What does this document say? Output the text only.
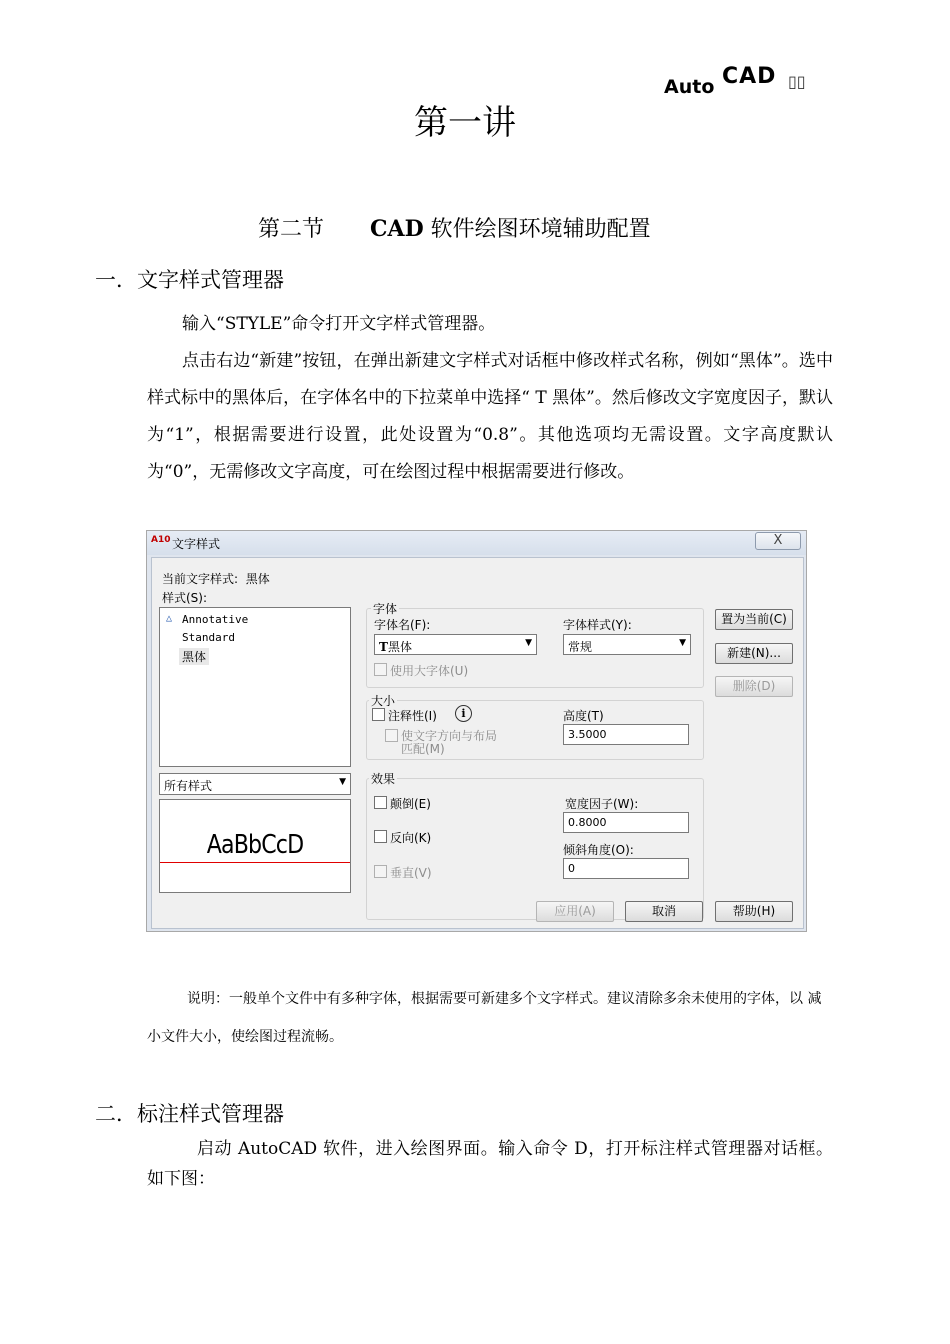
Auto CAD ▯▯
第一讲
第二节 CAD 软件绘图环境辅助配置
一．文字样式管理器
输入“STYLE”命令打开文字样式管理器。
点击右边“新建”按钮，在弹出新建文字样式对话框中修改样式名称，例如“黑体”。选中样式标中的黑体后，在字体名中的下拉菜单中选择“ T 黑体”。然后修改文字宽度因子，默认为“1”，根据需要进行设置，此处设置为“0.8”。其他选项均无需设置。文字高度默认为“0”，无需修改文字高度，可在绘图过程中根据需要进行修改。
A10 文字样式	X
当前文字样式: 黑体
样式(S):
△ Annotative
Standard
黑体
所有样式	▼
AaBbCcD
字体
字体名(F):
T黑体	▼
字体样式(Y):
常规	▼
使用大字体(U)
大小
注释性(I)	i
使文字方向与布局
匹配(M)
高度(T)
3.5000
效果
颠倒(E)
反向(K)
垂直(V)
宽度因子(W):
0.8000
倾斜角度(O):
0
置为当前(C)
新建(N)...
删除(D)
应用(A)	取消	帮助(H)
说明：一般单个文件中有多种字体，根据需要可新建多个文字样式。建议清除多余未使用的字体，以 减小文件大小，使绘图过程流畅。
二．标注样式管理器
启动 AutoCAD 软件，进入绘图界面。输入命令 D，打开标注样式管理器对话框。如下图：
